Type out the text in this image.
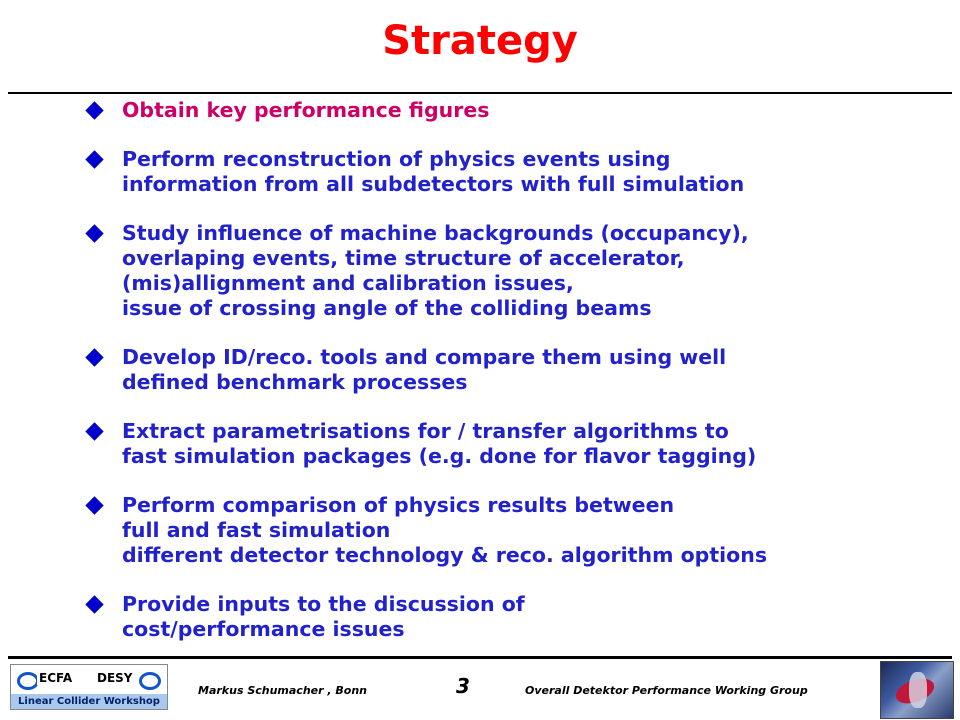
Strategy
Obtain key performance figures
Perform reconstruction of physics events using
information from all subdetectors with full simulation
Study influence of machine backgrounds (occupancy),
overlaping events, time structure of accelerator,
(mis)allignment and calibration issues,
issue of crossing angle of the colliding beams
Develop ID/reco. tools and compare them using well
defined benchmark processes
Extract parametrisations for / transfer algorithms to
fast simulation packages (e.g. done for flavor tagging)
Perform comparison of physics results between
full and fast simulation
different detector technology & reco. algorithm options
Provide inputs to the discussion of
cost/performance issues
ECFA DESY
Linear Collider Workshop
Markus Schumacher , Bonn	3	Overall Detektor Performance Working Group
